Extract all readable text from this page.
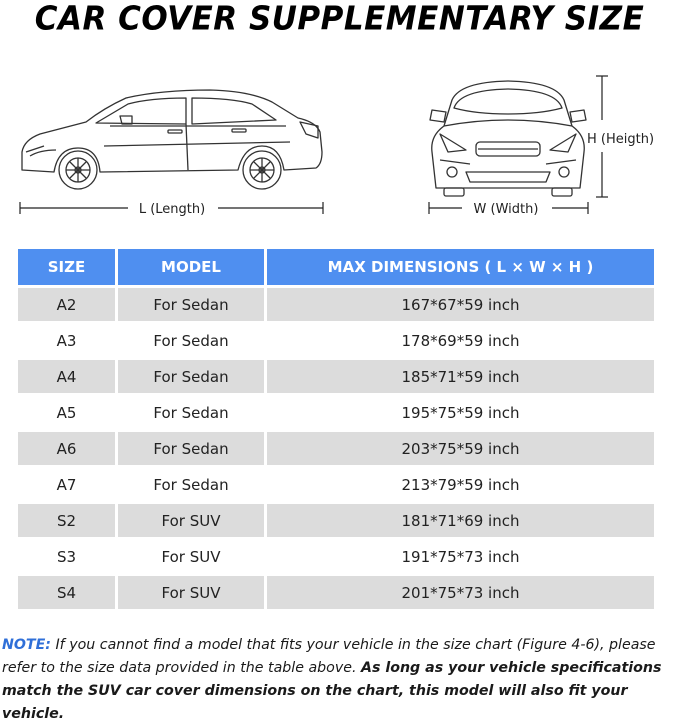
CAR COVER SUPPLEMENTARY SIZE
L (Length)	W (Width)
H (Heigth)
SIZE	MODEL	MAX DIMENSIONS ( L × W × H )
A2	For Sedan	167*67*59 inch
A3	For Sedan	178*69*59 inch
A4	For Sedan	185*71*59 inch
A5	For Sedan	195*75*59 inch
A6	For Sedan	203*75*59 inch
A7	For Sedan	213*79*59 inch
S2	For SUV	181*71*69 inch
S3	For SUV	191*75*73 inch
S4	For SUV	201*75*73 inch
NOTE: If you cannot find a model that fits your vehicle in the size chart (Figure 4-6), please refer to the size data provided in the table above. As long as your vehicle specifications match the SUV car cover dimensions on the chart, this model will also fit your vehicle.
